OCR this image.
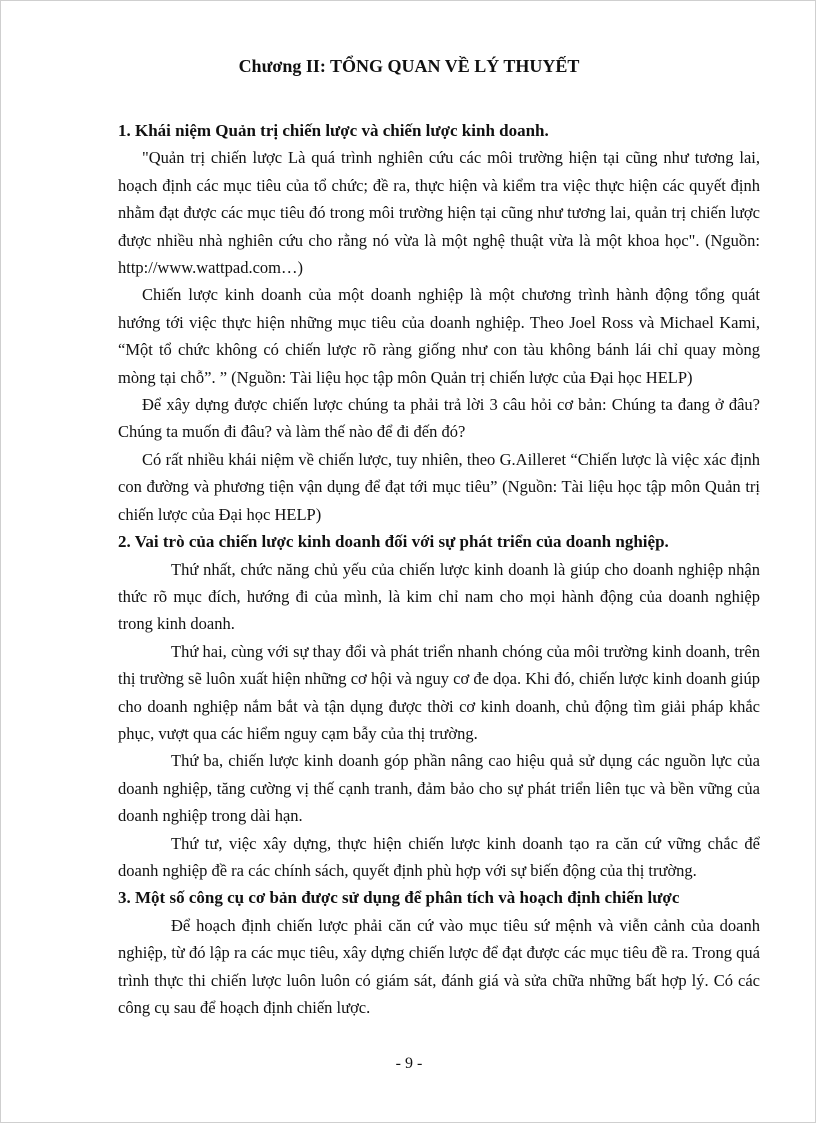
Chương II: TỔNG QUAN VỀ LÝ THUYẾT
1. Khái niệm Quản trị chiến lược và chiến lược kinh doanh.

"Quản trị chiến lược Là quá trình nghiên cứu các môi trường hiện tại cũng như tương lai, hoạch định các mục tiêu của tổ chức; đề ra, thực hiện và kiểm tra việc thực hiện các quyết định nhằm đạt được các mục tiêu đó trong môi trường hiện tại cũng như tương lai, quản trị chiến lược được nhiều nhà nghiên cứu cho rằng nó vừa là một nghệ thuật vừa là một khoa học". (Nguồn: http://www.wattpad.com…)

Chiến lược kinh doanh của một doanh nghiệp là một chương trình hành động tổng quát hướng tới việc thực hiện những mục tiêu của doanh nghiệp. Theo Joel Ross và Michael Kami, “Một tổ chức không có chiến lược rõ ràng giống như con tàu không bánh lái chỉ quay mòng mòng tại chỗ”. ” (Nguồn: Tài liệu học tập môn Quản trị chiến lược của Đại học HELP)

Để xây dựng được chiến lược chúng ta phải trả lời 3 câu hỏi cơ bản: Chúng ta đang ở đâu? Chúng ta muốn đi đâu? và làm thế nào để đi đến đó?

Có rất nhiều khái niệm về chiến lược, tuy nhiên, theo G.Ailleret “Chiến lược là việc xác định con đường và phương tiện vận dụng để đạt tới mục tiêu” (Nguồn: Tài liệu học tập môn Quản trị chiến lược của Đại học HELP)

2. Vai trò của chiến lược kinh doanh đối với sự phát triển của doanh nghiệp.

Thứ nhất, chức năng chủ yếu của chiến lược kinh doanh là giúp cho doanh nghiệp nhận thức rõ mục đích, hướng đi của mình, là kim chỉ nam cho mọi hành động của doanh nghiệp trong kinh doanh.

Thứ hai, cùng với sự thay đổi và phát triển nhanh chóng của môi trường kinh doanh, trên thị trường sẽ luôn xuất hiện những cơ hội và nguy cơ đe dọa. Khi đó, chiến lược kinh doanh giúp cho doanh nghiệp nắm bắt và tận dụng được thời cơ kinh doanh, chủ động tìm giải pháp khắc phục, vượt qua các hiểm nguy cạm bẫy của thị trường.

Thứ ba, chiến lược kinh doanh góp phần nâng cao hiệu quả sử dụng các nguồn lực của doanh nghiệp, tăng cường vị thế cạnh tranh, đảm bảo cho sự phát triển liên tục và bền vững của doanh nghiệp trong dài hạn.

Thứ tư, việc xây dựng, thực hiện chiến lược kinh doanh tạo ra căn cứ vững chắc để doanh nghiệp đề ra các chính sách, quyết định phù hợp với sự biến động của thị trường.

3. Một số công cụ cơ bản được sử dụng để phân tích và hoạch định chiến lược

Để hoạch định chiến lược phải căn cứ vào mục tiêu sứ mệnh và viễn cảnh của doanh nghiệp, từ đó lập ra các mục tiêu, xây dựng chiến lược để đạt được các mục tiêu đề ra. Trong quá trình thực thi chiến lược luôn luôn có giám sát, đánh giá và sửa chữa những bất hợp lý. Có các công cụ sau để hoạch định chiến lược.

- 9 -
